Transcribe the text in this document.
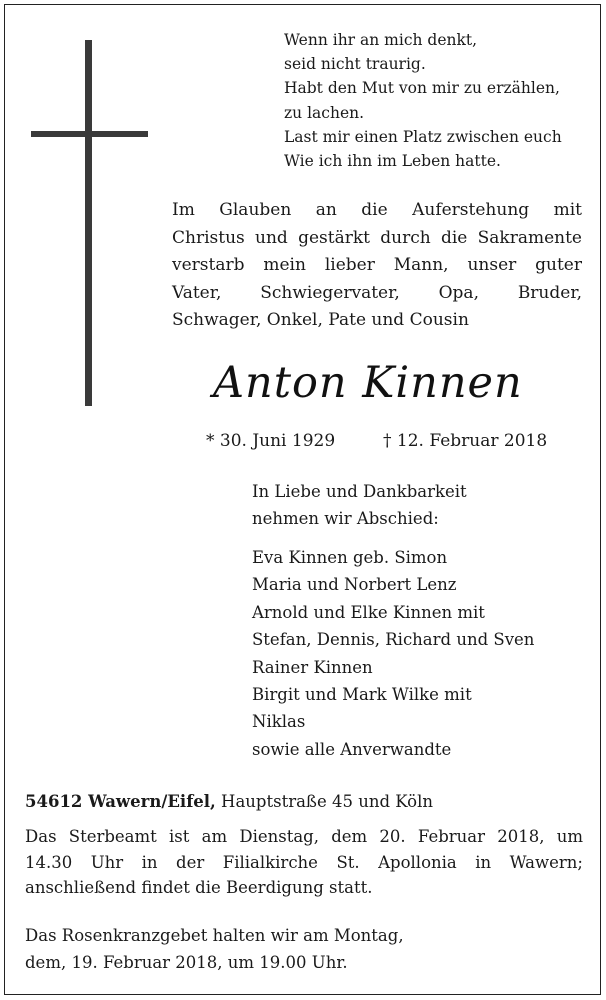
Wenn ihr an mich denkt,
seid nicht traurig.
Habt den Mut von mir zu erzählen,
zu lachen.
Last mir einen Platz zwischen euch
Wie ich ihn im Leben hatte.
Im Glauben an die Auferstehung mit
Christus und gestärkt durch die Sakramente
verstarb mein lieber Mann, unser guter
Vater, Schwiegervater, Opa, Bruder,
Schwager, Onkel, Pate und Cousin
Anton Kinnen
* 30. Juni 1929	† 12. Februar 2018
In Liebe und Dankbarkeit
nehmen wir Abschied:
Eva Kinnen geb. Simon
Maria und Norbert Lenz
Arnold und Elke Kinnen mit
Stefan, Dennis, Richard und Sven
Rainer Kinnen
Birgit und Mark Wilke mit
Niklas
sowie alle Anverwandte
54612 Wawern/Eifel, Hauptstraße 45 und Köln
Das Sterbeamt ist am Dienstag, dem 20. Februar 2018, um
14.30 Uhr in der Filialkirche St. Apollonia in Wawern;
anschließend findet die Beerdigung statt.
Das Rosenkranzgebet halten wir am Montag,
dem, 19. Februar 2018, um 19.00 Uhr.
